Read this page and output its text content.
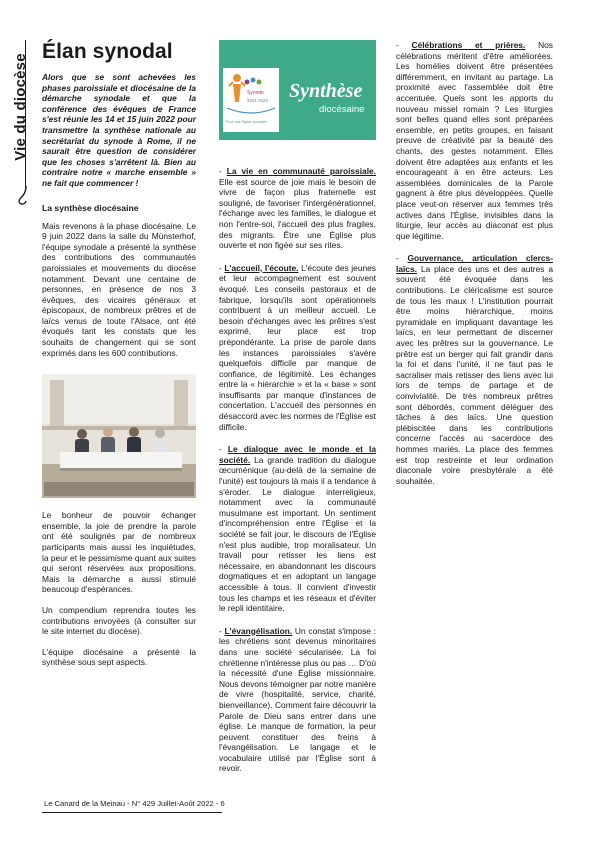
Vie du diocèse
Élan synodal
Alors que se sont achevées les phases paroissiale et diocésaine de la démarche synodale et que la conférence des évêques de France s'est réunie les 14 et 15 juin 2022 pour transmettre la synthèse nationale au secrétariat du synode à Rome, il ne saurait être question de considérer que les choses s'arrêtent là. Bien au contraire notre « marche ensemble » ne fait que commencer !
La synthèse diocésaine
Mais revenons à la phase diocésaine. Le 9 juin 2022 dans la salle du Münsterhof, l'équipe synodale a présenté la synthèse des contributions des communautés paroissiales et mouvements du diocèse notamment. Devant une centaine de personnes, en présence de nos 3 évêques, des vicaires généraux et épiscopaux, de nombreux prêtres et de laïcs venus de toute l'Alsace, ont été évoqués tant les constats que les souhaits de changement qui se sont exprimés dans les 600 contributions.
Le bonheur de pouvoir échanger ensemble, la joie de prendre la parole ont été soulignés par de nombreux participants mais aussi les inquiétudes, la peur et le pessimisme quant aux suites qui seront réservées aux propositions. Mais la démarche a aussi stimulé beaucoup d'espérances.
Un compendium reprendra toutes les contributions envoyées (à consulter sur le site internet du diocèse).
L'équipe diocésaine a présenté la synthèse sous sept aspects.
Synode
2021 2022
Pour une Église synodale
Synthèse
diocésaine
- La vie en communauté paroissiale. Elle est source de joie mais le besoin de vivre de façon plus fraternelle est souligné, de favoriser l'intergénérationnel, l'échange avec les familles, le dialogue et non l'entre-soi, l'accueil des plus fragiles, des migrants. Être une Église plus ouverte et non figée sur ses rites.
- L'accueil, l'écoute. L'écoute des jeunes et leur accompagnement est souvent évoqué. Les conseils pastoraux et de fabrique, lorsqu'ils sont opérationnels contribuent à un meilleur accueil. Le besoin d'échanges avec les prêtres s'est exprimé, leur place est trop prépondérante. La prise de parole dans les instances paroissiales s'avère quelquefois difficile par manque de confiance, de légitimité. Les échanges entre la « hiérarchie » et la « base » sont insuffisants par manque d'instances de concertation. L'accueil des personnes en désaccord avec les normes de l'Église est difficile.
- Le dialogue avec le monde et la société. La grande tradition du dialogue œcuménique (au-delà de la semaine de l'unité) est toujours là mais il a tendance à s'éroder. Le dialogue interreligieux, notamment avec la communauté musulmane est important. Un sentiment d'incompréhension entre l'Église et la société se fait jour, le discours de l'Église n'est plus audible, trop moralisateur. Un travail pour retisser les liens est nécessaire, en abandonnant les discours dogmatiques et en adoptant un langage accessible à tous. Il convient d'investir tous les champs et les réseaux et d'éviter le repli identitaire.
- L'évangélisation. Un constat s'impose : les chrétiens sont devenus minoritaires dans une société sécularisée. La foi chrétienne n'intéresse plus ou pas … D'où la nécessité d'une Église missionnaire. Nous devons témoigner par notre manière de vivre (hospitalité, service, charité, bienveillance). Comment faire découvrir la Parole de Dieu sans entrer dans une église. Le manque de formation, la peur peuvent constituer des freins à l'évangélisation. Le langage et le vocabulaire utilisé par l'Église sont à revoir.
- Célébrations et prières. Nos célébrations méritent d'être améliorées. Les homélies doivent être présentées différemment, en invitant au partage. La proximité avec l'assemblée doit être accentuée. Quels sont les apports du nouveau missel romain ? Les liturgies sont belles quand elles sont préparées ensemble, en petits groupes, en faisant preuve de créativité par la beauté des chants, des gestes notamment. Elles doivent être adaptées aux enfants et les encourageant à en être acteurs. Les assemblées dominicales de la Parole gagnent à être plus développées. Quelle place veut-on réserver aux femmes très actives dans l'Église, invisibles dans la liturgie, leur accès au diaconat est plus que légitime.
- Gouvernance, articulation clercs-laïcs. La place des uns et des autres a souvent été évoquée dans les contributions. Le cléricalisme est source de tous les maux ! L'institution pourrait être moins hiérarchique, moins pyramidale en impliquant davantage les laïcs, en leur permettant de discerner avec les prêtres sur la gouvernance. Le prêtre est un berger qui fait grandir dans la foi et dans l'unité, il ne faut pas le sacraliser mais retisser des liens avec lui lors de temps de partage et de convivialité. De très nombreux prêtres sont débordés, comment déléguer des tâches à des laïcs. Une question plébiscitée dans les contributions concerne l'accès au sacerdoce des hommes mariés. La place des femmes est trop restreinte et leur ordination diaconale voire presbytérale a été souhaitée.
Le Canard de la Meinau - N° 429 Juillet-Août 2022 - 6
